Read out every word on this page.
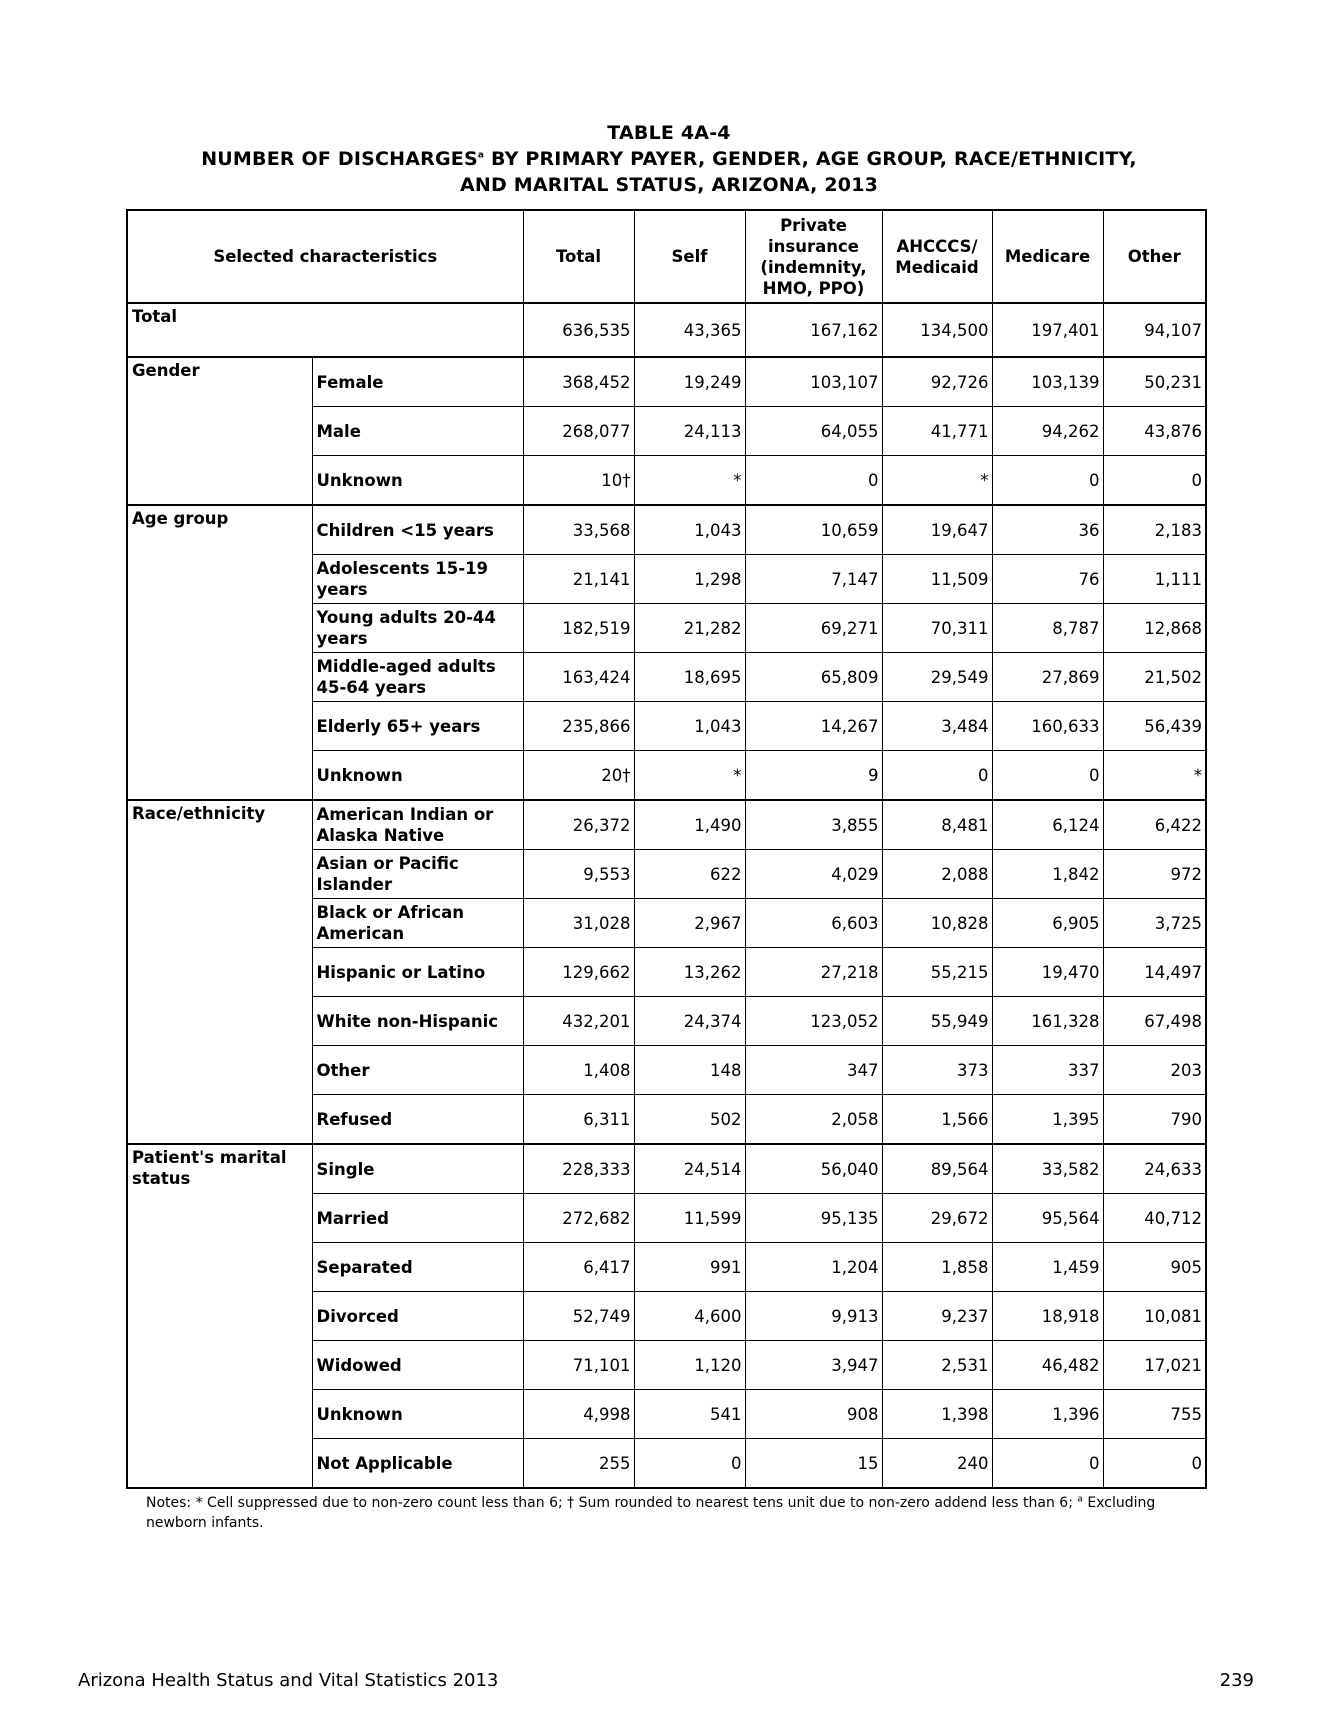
TABLE 4A-4
NUMBER OF DISCHARGES$^a$ BY PRIMARY PAYER, GENDER, AGE GROUP, RACE/ETHNICITY,
AND MARITAL STATUS, ARIZONA, 2013
Selected characteristics		Total	Self	Private insurance (indemnity, HMO, PPO)	AHCCCS/ Medicaid	Medicare	Other
Total		636,535	43,365	167,162	134,500	197,401	94,107
Gender	Female	368,452	19,249	103,107	92,726	103,139	50,231
	Male	268,077	24,113	64,055	41,771	94,262	43,876
	Unknown	10†	*	0	*	0	0
Age group	Children <15 years	33,568	1,043	10,659	19,647	36	2,183
	Adolescents 15-19 years	21,141	1,298	7,147	11,509	76	1,111
	Young adults 20-44 years	182,519	21,282	69,271	70,311	8,787	12,868
	Middle-aged adults 45-64 years	163,424	18,695	65,809	29,549	27,869	21,502
	Elderly 65+ years	235,866	1,043	14,267	3,484	160,633	56,439
	Unknown	20†	*	9	0	0	*
Race/ethnicity	American Indian or Alaska Native	26,372	1,490	3,855	8,481	6,124	6,422
	Asian or Pacific Islander	9,553	622	4,029	2,088	1,842	972
	Black or African American	31,028	2,967	6,603	10,828	6,905	3,725
	Hispanic or Latino	129,662	13,262	27,218	55,215	19,470	14,497
	White non-Hispanic	432,201	24,374	123,052	55,949	161,328	67,498
	Other	1,408	148	347	373	337	203
	Refused	6,311	502	2,058	1,566	1,395	790
Patient's marital status	Single	228,333	24,514	56,040	89,564	33,582	24,633
	Married	272,682	11,599	95,135	29,672	95,564	40,712
	Separated	6,417	991	1,204	1,858	1,459	905
	Divorced	52,749	4,600	9,913	9,237	18,918	10,081
	Widowed	71,101	1,120	3,947	2,531	46,482	17,021
	Unknown	4,998	541	908	1,398	1,396	755
	Not Applicable	255	0	15	240	0	0
Notes: * Cell suppressed due to non-zero count less than 6; † Sum rounded to nearest tens unit due to non-zero addend less than 6; $^a$ Excluding newborn infants.
Arizona Health Status and Vital Statistics 2013	239
